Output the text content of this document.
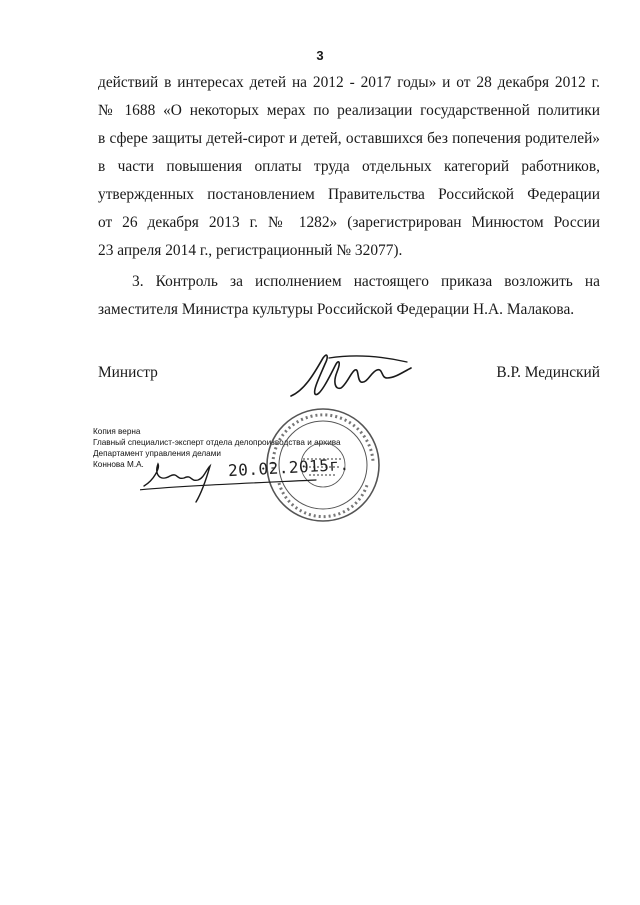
3
действий в интересах детей на 2012 - 2017 годы» и от 28 декабря 2012 г.
№ 1688 «О некоторых мерах по реализации государственной политики
в сфере защиты детей-сирот и детей, оставшихся без попечения родителей»
в части повышения оплаты труда отдельных категорий работников,
утвержденных постановлением Правительства Российской Федерации
от 26 декабря 2013 г. № 1282» (зарегистрирован Минюстом России
23 апреля 2014 г., регистрационный № 32077).
3. Контроль за исполнением настоящего приказа возложить на
заместителя Министра культуры Российской Федерации Н.А. Малакова.
Министр	В.Р. Мединский
Копия верна
Главный специалист-эксперт отдела делопроизводства и архива
Департамент управления делами
Коннова М.А.	20.02.2015г.
